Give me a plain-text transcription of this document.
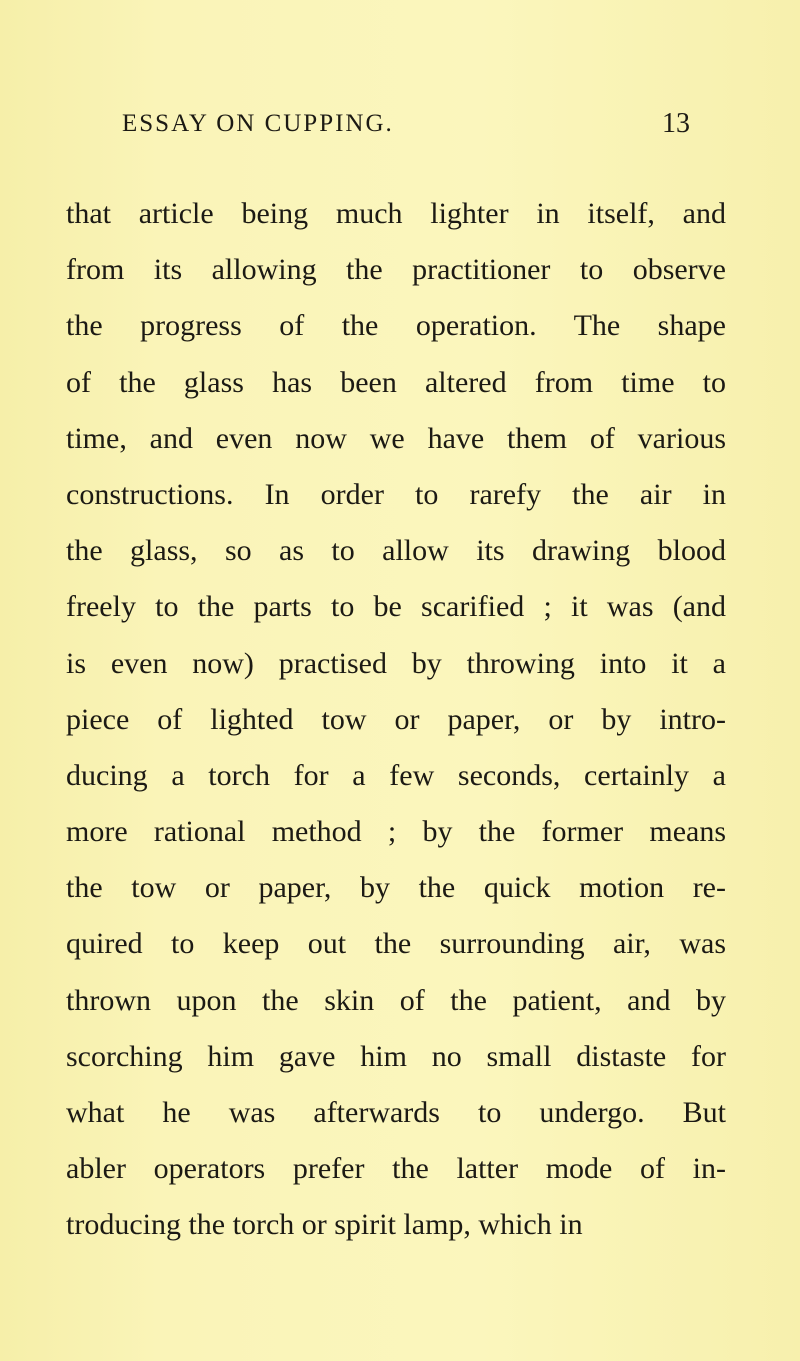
ESSAY ON CUPPING.	13
that article being much lighter in itself, and
from its allowing the practitioner to observe
the progress of the operation. The shape
of the glass has been altered from time to
time, and even now we have them of various
constructions. In order to rarefy the air in
the glass, so as to allow its drawing blood
freely to the parts to be scarified ; it was (and
is even now) practised by throwing into it a
piece of lighted tow or paper, or by intro-
ducing a torch for a few seconds, certainly a
more rational method ; by the former means
the tow or paper, by the quick motion re-
quired to keep out the surrounding air, was
thrown upon the skin of the patient, and by
scorching him gave him no small distaste for
what he was afterwards to undergo. But
abler operators prefer the latter mode of in-
troducing the torch or spirit lamp, which in
